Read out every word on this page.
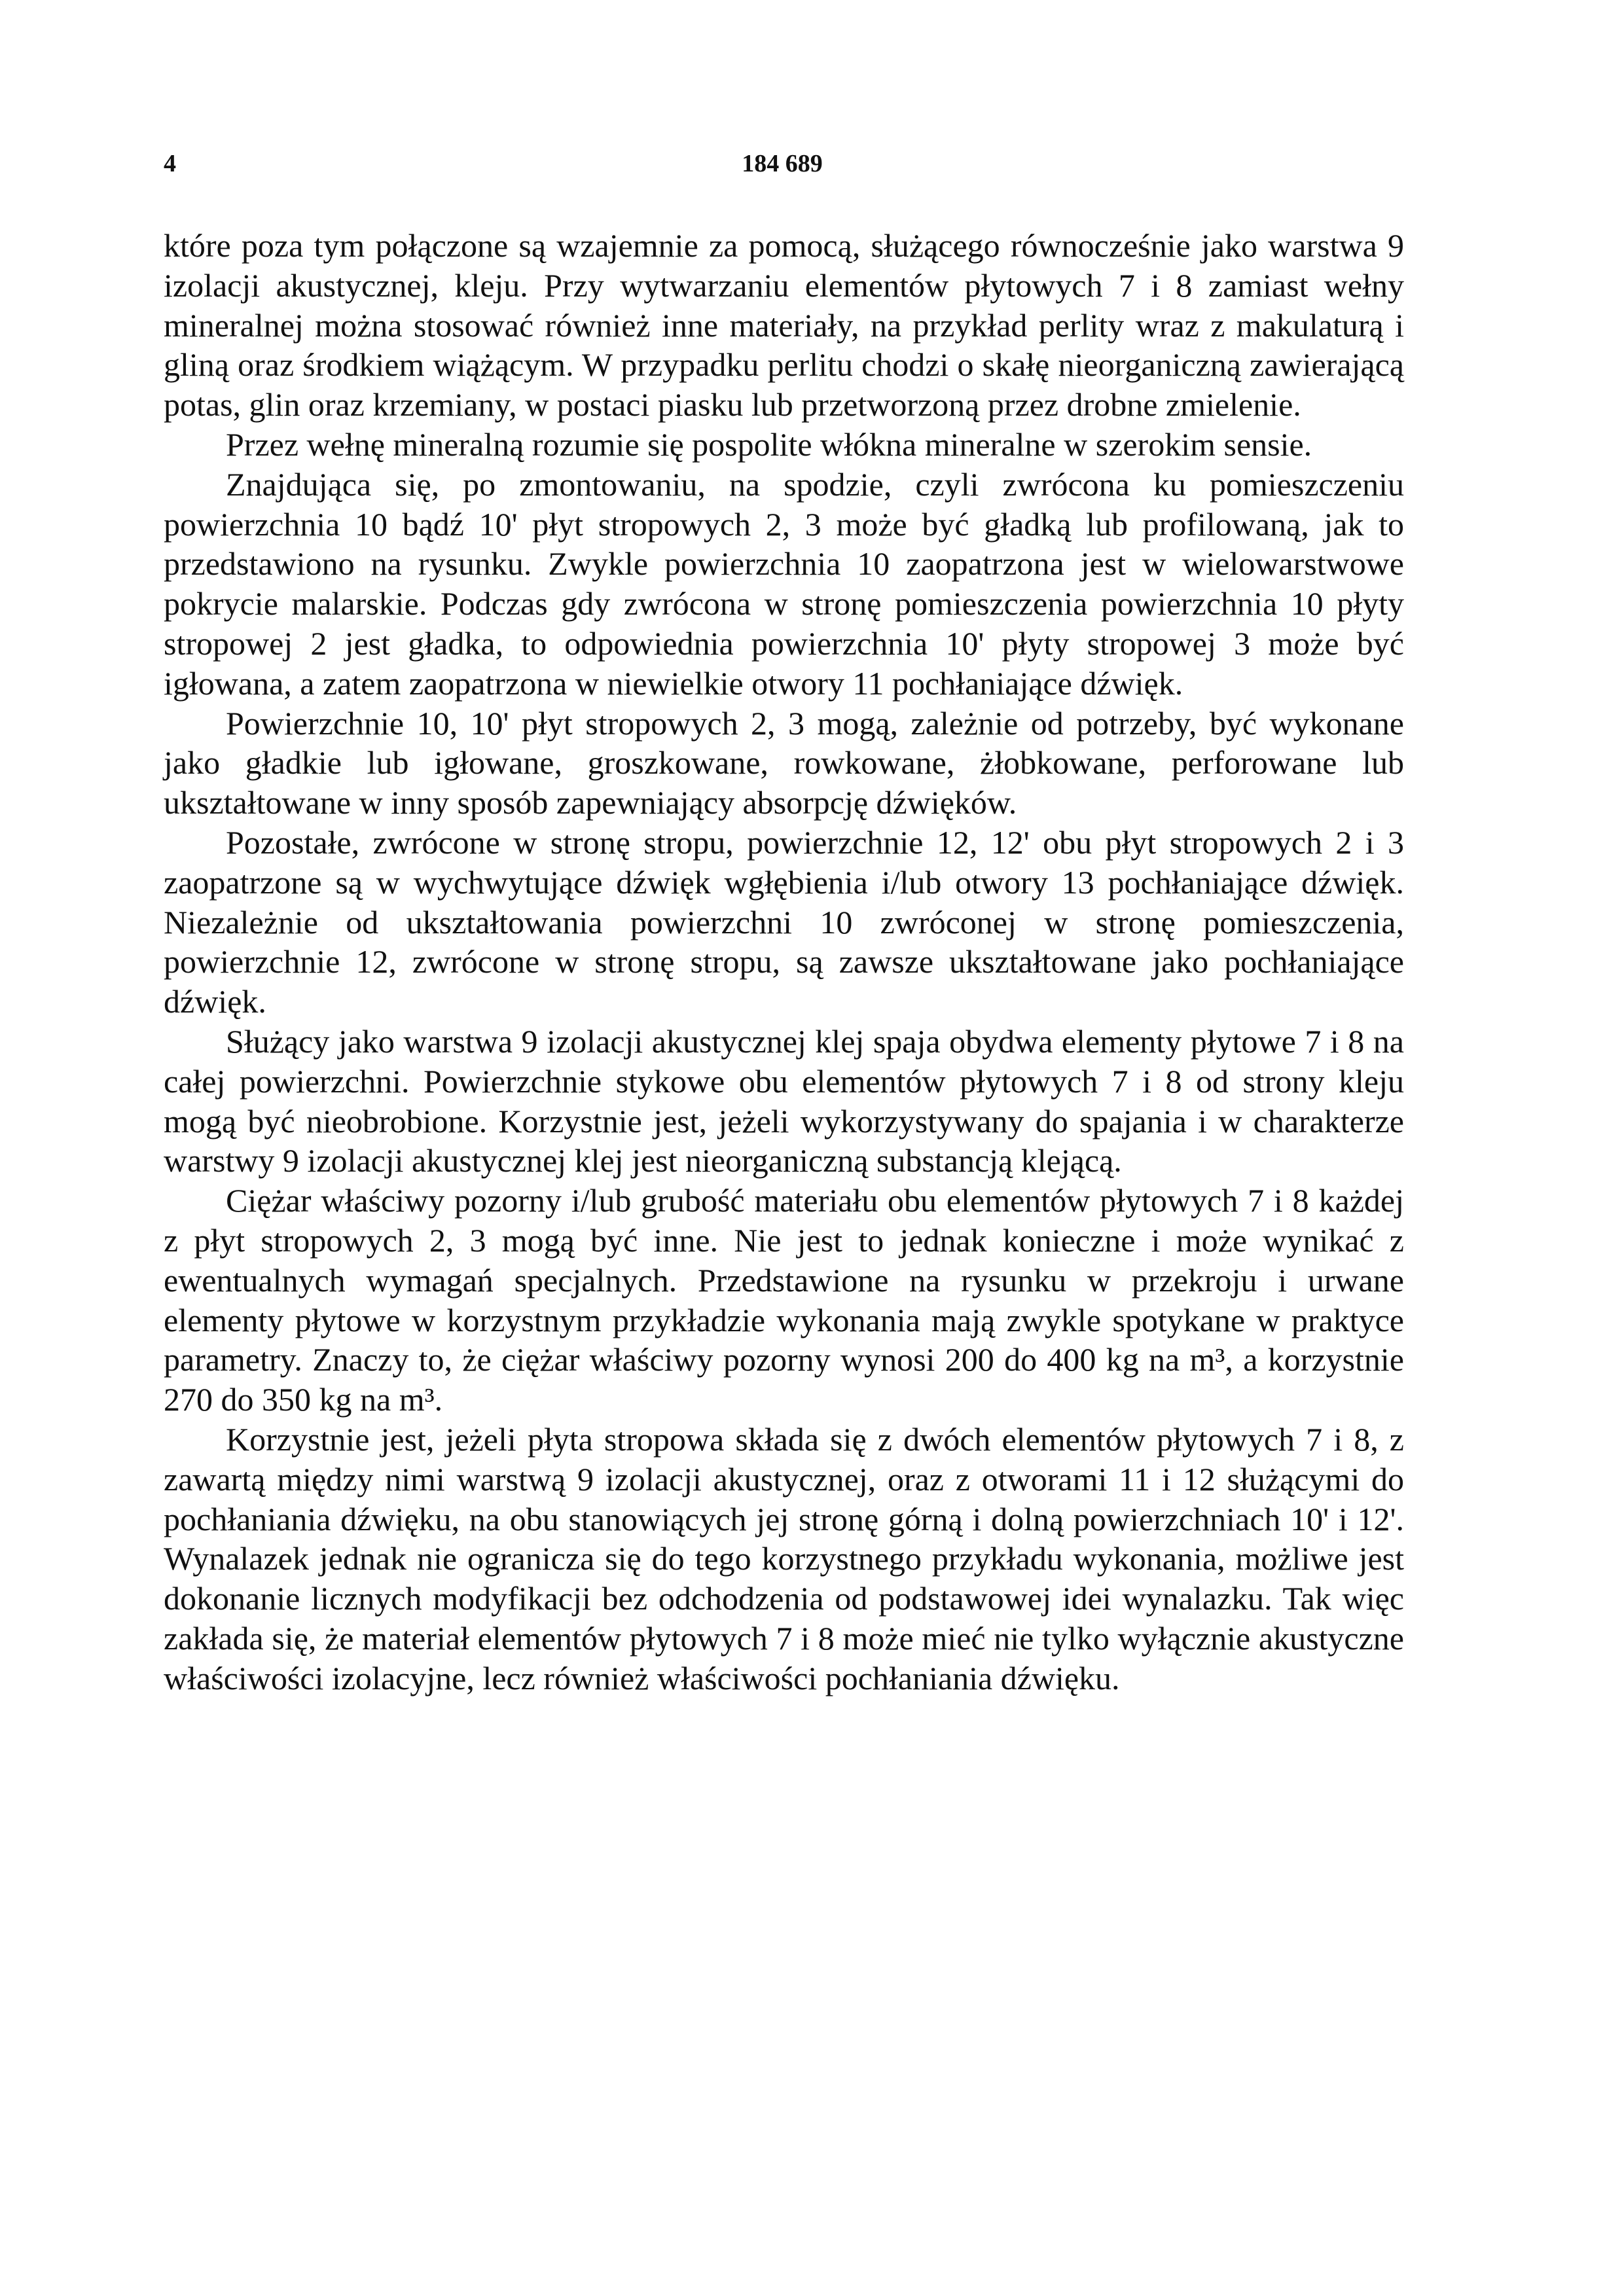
4	184 689

które poza tym połączone są wzajemnie za pomocą, służącego równocześnie jako warstwa 9 izolacji akustycznej, kleju. Przy wytwarzaniu elementów płytowych 7 i 8 zamiast wełny mineralnej można stosować również inne materiały, na przykład perlity wraz z makulaturą i gliną oraz środkiem wiążącym. W przypadku perlitu chodzi o skałę nieorganiczną zawierającą potas, glin oraz krzemiany, w postaci piasku lub przetworzoną przez drobne zmielenie.

Przez wełnę mineralną rozumie się pospolite włókna mineralne w szerokim sensie.

Znajdująca się, po zmontowaniu, na spodzie, czyli zwrócona ku pomieszczeniu powierzchnia 10 bądź 10' płyt stropowych 2, 3 może być gładką lub profilowaną, jak to przedstawiono na rysunku. Zwykle powierzchnia 10 zaopatrzona jest w wielowarstwowe pokrycie malarskie. Podczas gdy zwrócona w stronę pomieszczenia powierzchnia 10 płyty stropowej 2 jest gładka, to odpowiednia powierzchnia 10' płyty stropowej 3 może być igłowana, a zatem zaopatrzona w niewielkie otwory 11 pochłaniające dźwięk.

Powierzchnie 10, 10' płyt stropowych 2, 3 mogą, zależnie od potrzeby, być wykonane jako gładkie lub igłowane, groszkowane, rowkowane, żłobkowane, perforowane lub ukształtowane w inny sposób zapewniający absorpcję dźwięków.

Pozostałe, zwrócone w stronę stropu, powierzchnie 12, 12' obu płyt stropowych 2 i 3 zaopatrzone są w wychwytujące dźwięk wgłębienia i/lub otwory 13 pochłaniające dźwięk. Niezależnie od ukształtowania powierzchni 10 zwróconej w stronę pomieszczenia, powierzchnie 12, zwrócone w stronę stropu, są zawsze ukształtowane jako pochłaniające dźwięk.

Służący jako warstwa 9 izolacji akustycznej klej spaja obydwa elementy płytowe 7 i 8 na całej powierzchni. Powierzchnie stykowe obu elementów płytowych 7 i 8 od strony kleju mogą być nieobrobione. Korzystnie jest, jeżeli wykorzystywany do spajania i w charakterze warstwy 9 izolacji akustycznej klej jest nieorganiczną substancją klejącą.

Ciężar właściwy pozorny i/lub grubość materiału obu elementów płytowych 7 i 8 każdej z płyt stropowych 2, 3 mogą być inne. Nie jest to jednak konieczne i może wynikać z ewentualnych wymagań specjalnych. Przedstawione na rysunku w przekroju i urwane elementy płytowe w korzystnym przykładzie wykonania mają zwykle spotykane w praktyce parametry. Znaczy to, że ciężar właściwy pozorny wynosi 200 do 400 kg na m³, a korzystnie 270 do 350 kg na m³.

Korzystnie jest, jeżeli płyta stropowa składa się z dwóch elementów płytowych 7 i 8, z zawartą między nimi warstwą 9 izolacji akustycznej, oraz z otworami 11 i 12 służącymi do pochłaniania dźwięku, na obu stanowiących jej stronę górną i dolną powierzchniach 10' i 12'. Wynalazek jednak nie ogranicza się do tego korzystnego przykładu wykonania, możliwe jest dokonanie licznych modyfikacji bez odchodzenia od podstawowej idei wynalazku. Tak więc zakłada się, że materiał elementów płytowych 7 i 8 może mieć nie tylko wyłącznie akustyczne właściwości izolacyjne, lecz również właściwości pochłaniania dźwięku.
